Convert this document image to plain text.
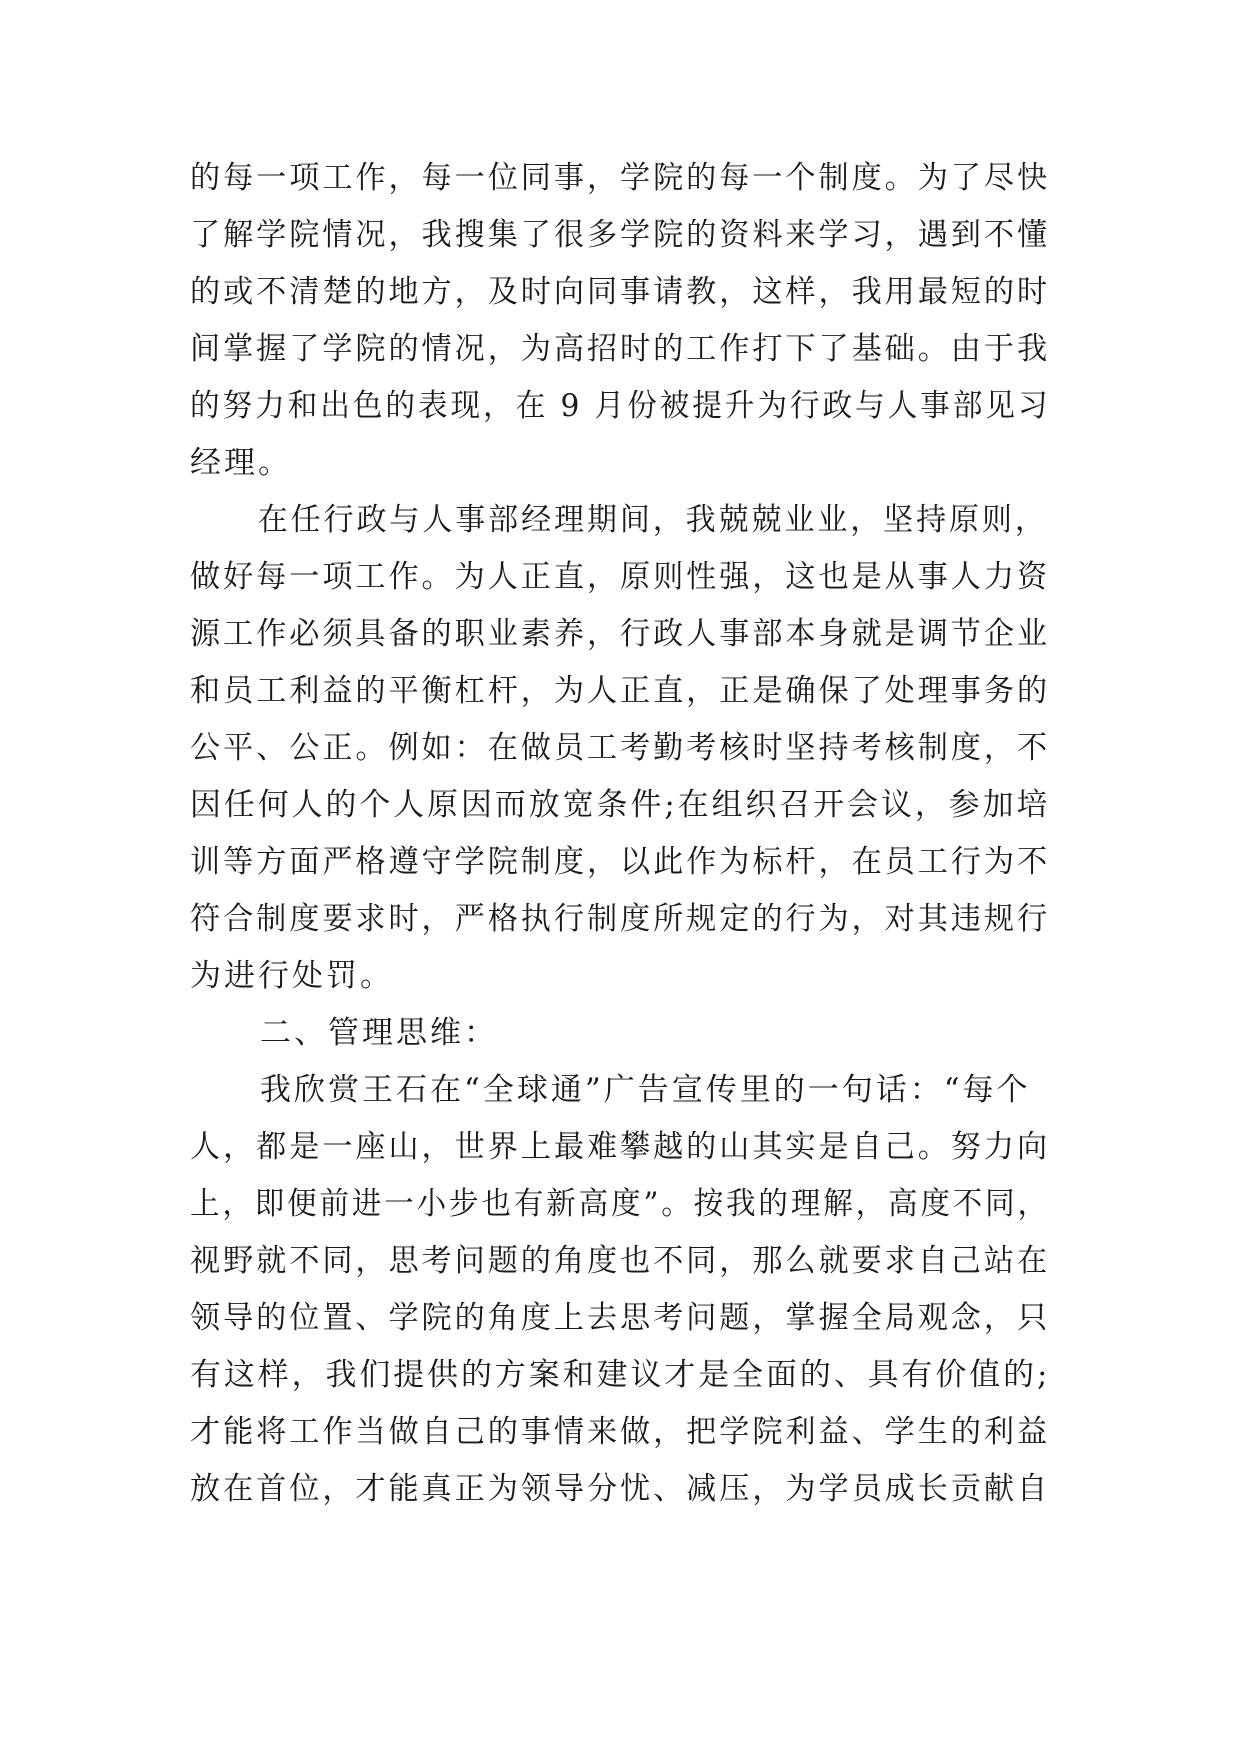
的每一项工作，每一位同事，学院的每一个制度。为了尽快
了解学院情况，我搜集了很多学院的资料来学习，遇到不懂
的或不清楚的地方，及时向同事请教，这样，我用最短的时
间掌握了学院的情况，为高招时的工作打下了基础。由于我
的努力和出色的表现，在 9 月份被提升为行政与人事部见习
经理。
在任行政与人事部经理期间，我兢兢业业，坚持原则，
做好每一项工作。为人正直，原则性强，这也是从事人力资
源工作必须具备的职业素养，行政人事部本身就是调节企业
和员工利益的平衡杠杆，为人正直，正是确保了处理事务的
公平、公正。例如：在做员工考勤考核时坚持考核制度，不
因任何人的个人原因而放宽条件;在组织召开会议，参加培
训等方面严格遵守学院制度，以此作为标杆，在员工行为不
符合制度要求时，严格执行制度所规定的行为，对其违规行
为进行处罚。
二、管理思维：
我欣赏王石在“全球通”广告宣传里的一句话：“每个
人，都是一座山，世界上最难攀越的山其实是自己。努力向
上，即便前进一小步也有新高度”。按我的理解，高度不同，
视野就不同，思考问题的角度也不同，那么就要求自己站在
领导的位置、学院的角度上去思考问题，掌握全局观念，只
有这样，我们提供的方案和建议才是全面的、具有价值的;
才能将工作当做自己的事情来做，把学院利益、学生的利益
放在首位，才能真正为领导分忧、减压，为学员成长贡献自
